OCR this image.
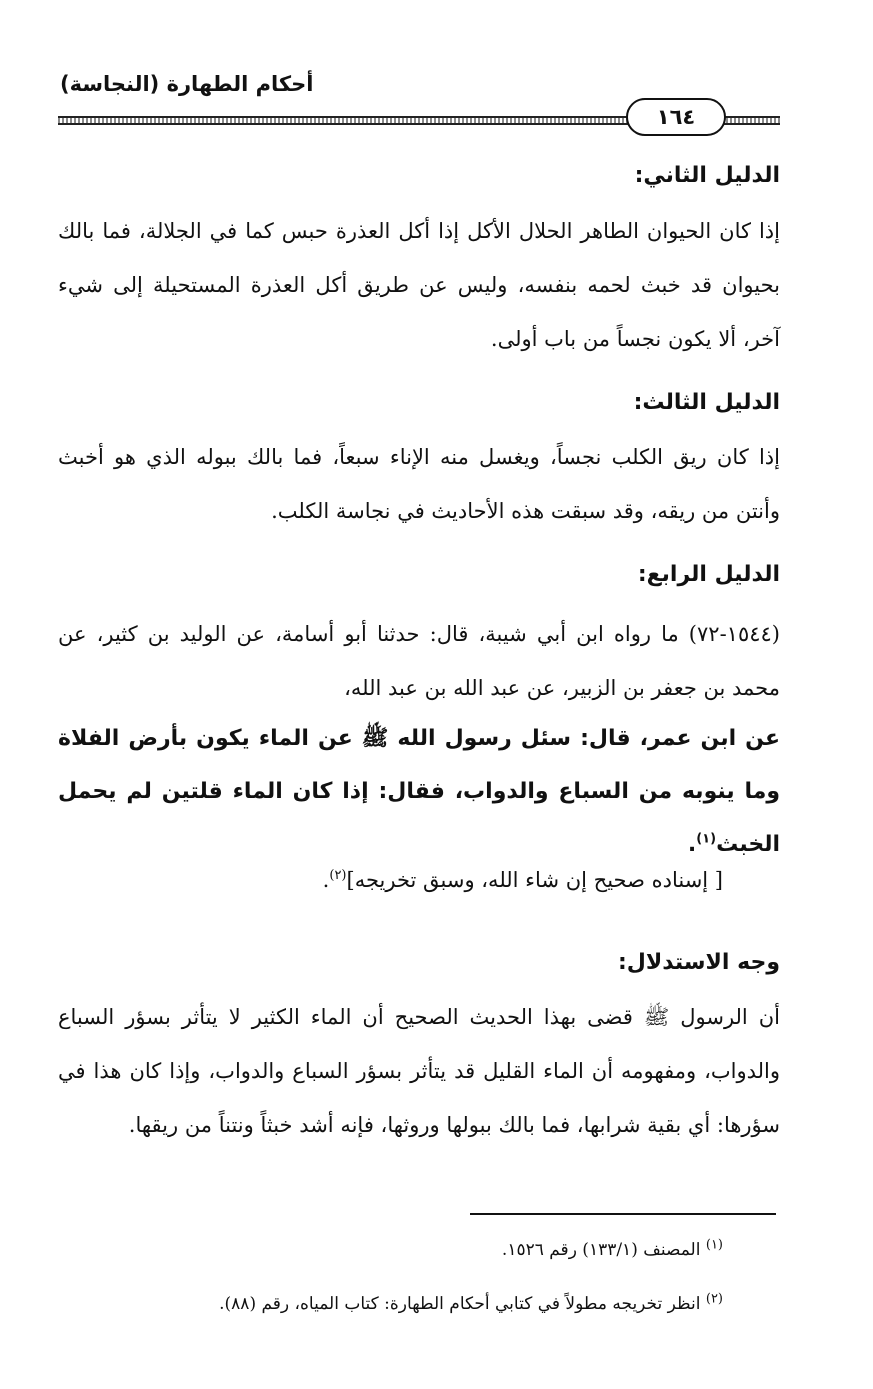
أحكام الطهارة (النجاسة)
١٦٤
الدليل الثاني:
إذا كان الحيوان الطاهر الحلال الأكل إذا أكل العذرة حبس كما في الجلالة، فما بالك بحيوان قد خبث لحمه بنفسه، وليس عن طريق أكل العذرة المستحيلة إلى شيء آخر، ألا يكون نجساً من باب أولى.
الدليل الثالث:
إذا كان ريق الكلب نجساً، ويغسل منه الإناء سبعاً، فما بالك ببوله الذي هو أخبث وأنتن من ريقه، وقد سبقت هذه الأحاديث في نجاسة الكلب.
الدليل الرابع:
(١٥٤٤-٧٢) ما رواه ابن أبي شيبة، قال: حدثنا أبو أسامة، عن الوليد بن كثير، عن محمد بن جعفر بن الزبير، عن عبد الله بن عبد الله،
عن ابن عمر، قال: سئل رسول الله ﷺ عن الماء يكون بأرض الفلاة وما ينوبه من السباع والدواب، فقال: إذا كان الماء قلتين لم يحمل الخبث$^{(١)}$.
[ إسناده صحيح إن شاء الله، وسبق تخريجه]$^{(٢)}$.
وجه الاستدلال:
أن الرسول ﷺ قضى بهذا الحديث الصحيح أن الماء الكثير لا يتأثر بسؤر السباع والدواب، ومفهومه أن الماء القليل قد يتأثر بسؤر السباع والدواب، وإذا كان هذا في سؤرها: أي بقية شرابها، فما بالك ببولها وروثها، فإنه أشد خبثاً ونتناً من ريقها.
$^{(١)}$ المصنف (١٣٣/١) رقم ١٥٢٦.
$^{(٢)}$ انظر تخريجه مطولاً في كتابي أحكام الطهارة: كتاب المياه، رقم (٨٨).
